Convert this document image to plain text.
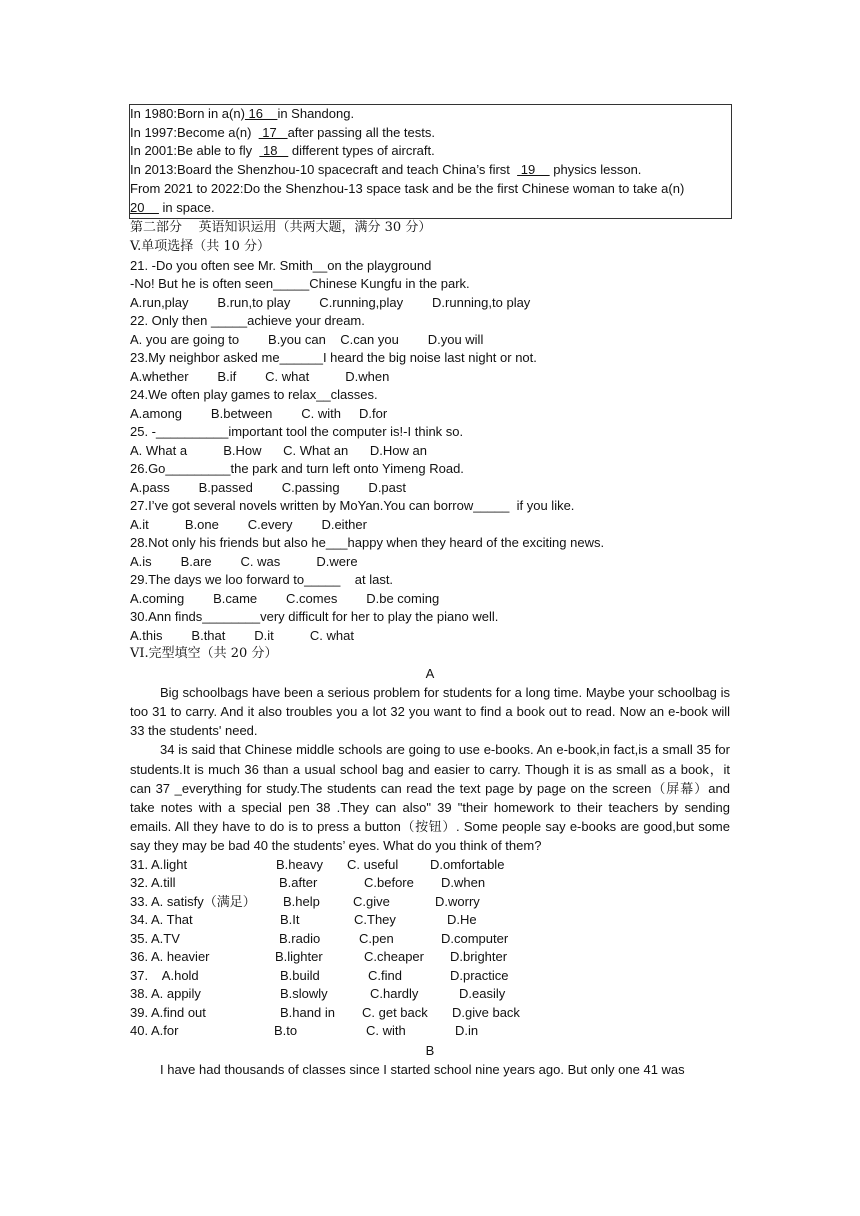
In 1980:Born in a(n) 16    in Shandong.
In 1997:Become a(n)   17   after passing all the tests.
In 2001:Be able to fly   18    different types of aircraft.
In 2013:Board the Shenzhou-10 spacecraft and teach China’s first   19     physics lesson.
From 2021 to 2022:Do the Shenzhou-13 space task and be the first Chinese woman to take a(n)
20     in space.
第二部分    英语知识运用（共两大题，满分 30 分）
V.单项选择（共 10 分）
21. -Do you often see Mr. Smith__on the playground
-No! But he is often seen_____Chinese Kungfu in the park.
A.run,play        B.run,to play        C.running,play        D.running,to play
22. Only then _____achieve your dream.
A. you are going to        B.you can    C.can you        D.you will
23.My neighbor asked me______I heard the big noise last night or not.
A.whether        B.if        C. what          D.when
24.We often play games to relax__classes.
A.among        B.between        C. with     D.for
25. -__________important tool the computer is!-I think so.
A. What a          B.How      C. What an      D.How an
26.Go_________the park and turn left onto Yimeng Road.
A.pass        B.passed        C.passing        D.past
27.I’ve got several novels written by MoYan.You can borrow_____  if you like.
A.it          B.one        C.every        D.either
28.Not only his friends but also he___happy when they heard of the exciting news.
A.is        B.are        C. was          D.were
29.The days we loo forward to_____    at last.
A.coming        B.came        C.comes        D.be coming
30.Ann finds________very difficult for her to play the piano well.
A.this        B.that        D.it          C. what
VI.完型填空（共 20 分）
A
Big schoolbags have been a serious problem for students for a long time. Maybe your schoolbag is too 31 to carry. And it also troubles you a lot 32 you want to find a book out to read. Now an e-book will 33 the students' need.
34 is said that Chinese middle schools are going to use e-books. An e-book,in fact,is a small 35 for students.It is much 36 than a usual school bag and easier to carry. Though it is as small as a book，it can 37 _everything for study.The students can read the text page by page on the screen（屏幕）and take notes with a special pen 38 .They can also" 39 "their homework to their teachers by sending emails. All they have to do is to press a button（按钮）. Some people say e-books are good,but some say they may be bad 40 the students’ eyes. What do you think of them?
31. A.light	B.heavy	C. useful	D.omfortable
32. A.till	B.after	C.before	D.when
33. A. satisfy（满足）	B.help	C.give	D.worry
34. A. That	B.It	C.They	D.He
35. A.TV	B.radio	C.pen	D.computer
36. A. heavier	B.lighter	C.cheaper	D.brighter
37.    A.hold	B.build	C.find	D.practice
38. A. appily	B.slowly	C.hardly	D.easily
39. A.find out	B.hand in	C. get back	D.give back
40. A.for	B.to	C. with	D.in
B
I have had thousands of classes since I started school nine years ago. But only one 41 was
